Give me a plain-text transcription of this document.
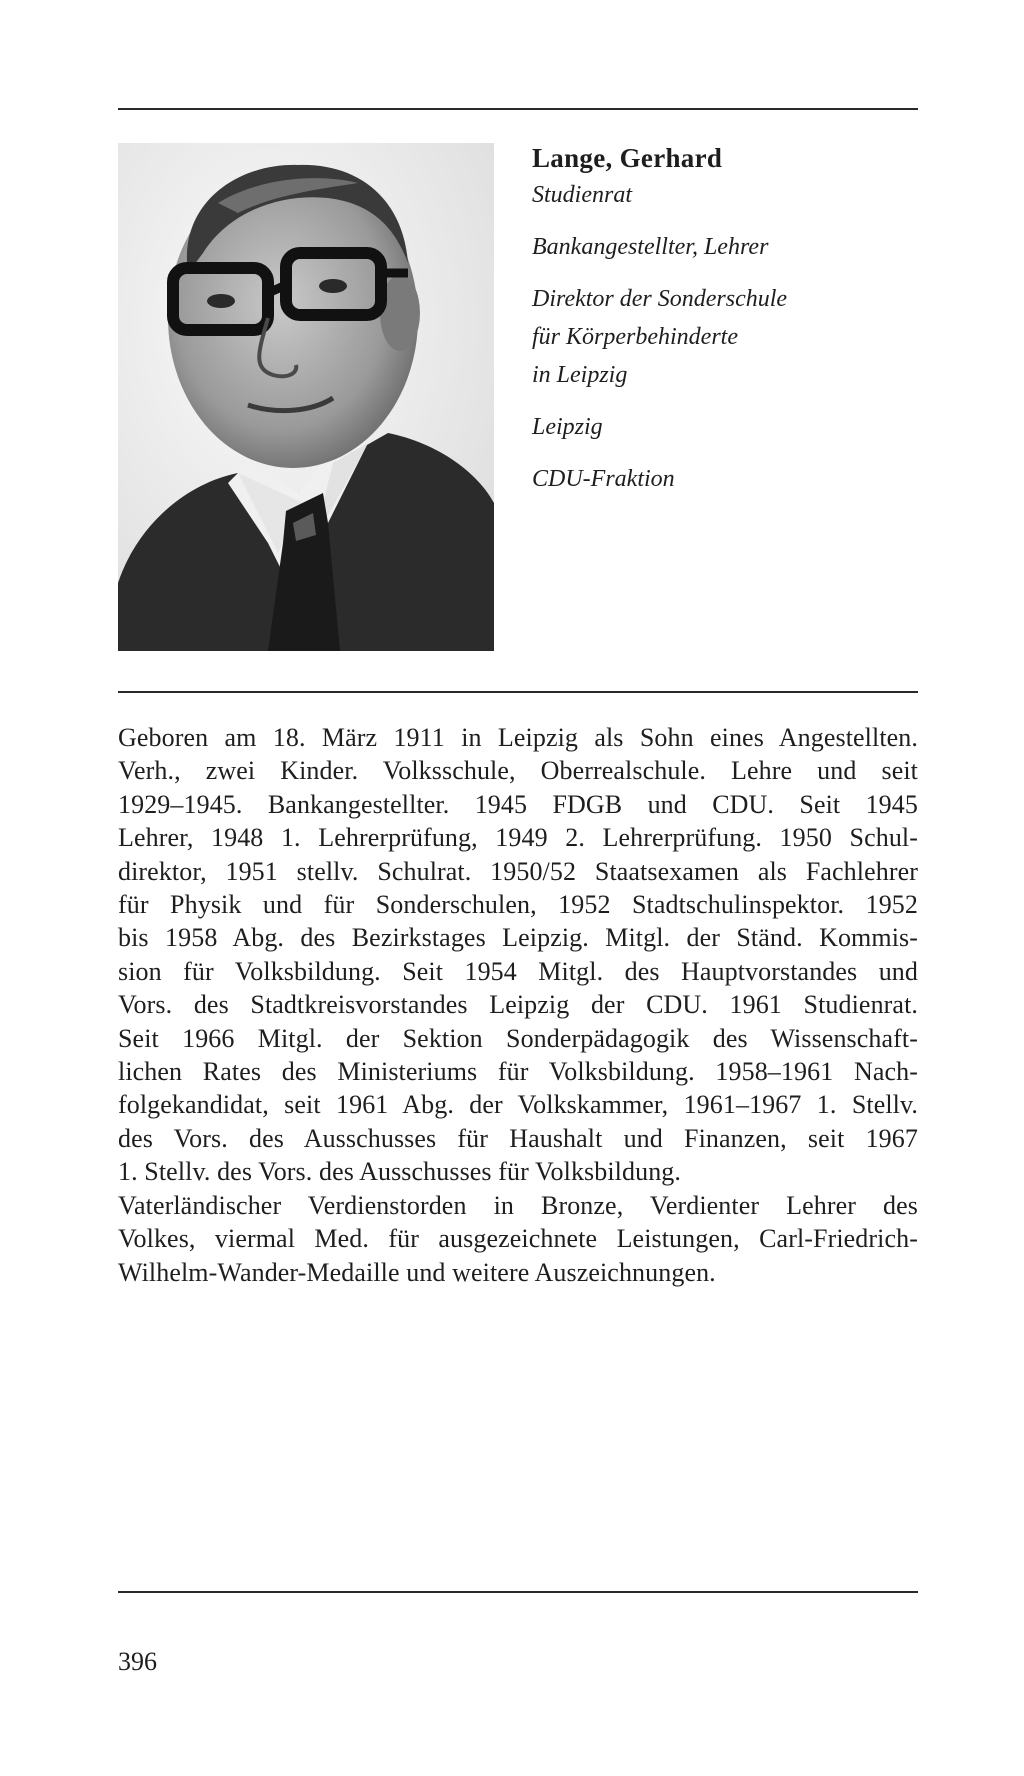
Lange, Gerhard

Studienrat

Bankangestellter, Lehrer

Direktor der Sonderschule

für Körperbehinderte

in Leipzig

Leipzig

CDU-Fraktion

Geboren am 18. März 1911 in Leipzig als Sohn eines Angestellten.
Verh., zwei Kinder. Volksschule, Oberrealschule. Lehre und seit
1929–1945. Bankangestellter. 1945 FDGB und CDU. Seit 1945
Lehrer, 1948 1. Lehrerprüfung, 1949 2. Lehrerprüfung. 1950 Schul-
direktor, 1951 stellv. Schulrat. 1950/52 Staatsexamen als Fachlehrer
für Physik und für Sonderschulen, 1952 Stadtschulinspektor. 1952
bis 1958 Abg. des Bezirkstages Leipzig. Mitgl. der Ständ. Kommis-
sion für Volksbildung. Seit 1954 Mitgl. des Hauptvorstandes und
Vors. des Stadtkreisvorstandes Leipzig der CDU. 1961 Studienrat.
Seit 1966 Mitgl. der Sektion Sonderpädagogik des Wissenschaft-
lichen Rates des Ministeriums für Volksbildung. 1958–1961 Nach-
folgekandidat, seit 1961 Abg. der Volkskammer, 1961–1967 1. Stellv.
des Vors. des Ausschusses für Haushalt und Finanzen, seit 1967
1. Stellv. des Vors. des Ausschusses für Volksbildung.
Vaterländischer Verdienstorden in Bronze, Verdienter Lehrer des
Volkes, viermal Med. für ausgezeichnete Leistungen, Carl-Friedrich-
Wilhelm-Wander-Medaille und weitere Auszeichnungen.
396
